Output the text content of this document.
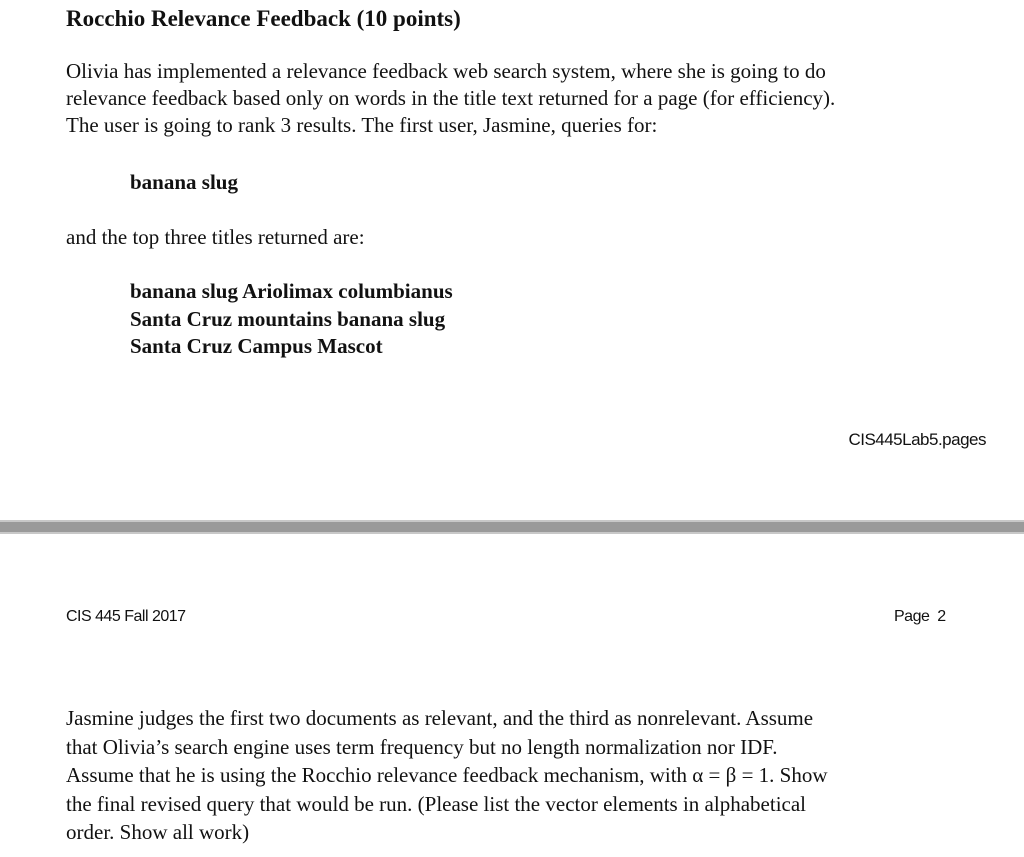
Rocchio Relevance Feedback (10 points)
Olivia has implemented a relevance feedback web search system, where she is going to do
relevance feedback based only on words in the title text returned for a page (for efficiency).
The user is going to rank 3 results. The first user, Jasmine, queries for:
banana slug
and the top three titles returned are:
banana slug Ariolimax columbianus
Santa Cruz mountains banana slug
Santa Cruz Campus Mascot
CIS445Lab5.pages
CIS 445 Fall 2017	Page  2
Jasmine judges the first two documents as relevant, and the third as nonrelevant. Assume
that Olivia’s search engine uses term frequency but no length normalization nor IDF.
Assume that he is using the Rocchio relevance feedback mechanism, with α = β = 1. Show
the final revised query that would be run. (Please list the vector elements in alphabetical
order. Show all work)
